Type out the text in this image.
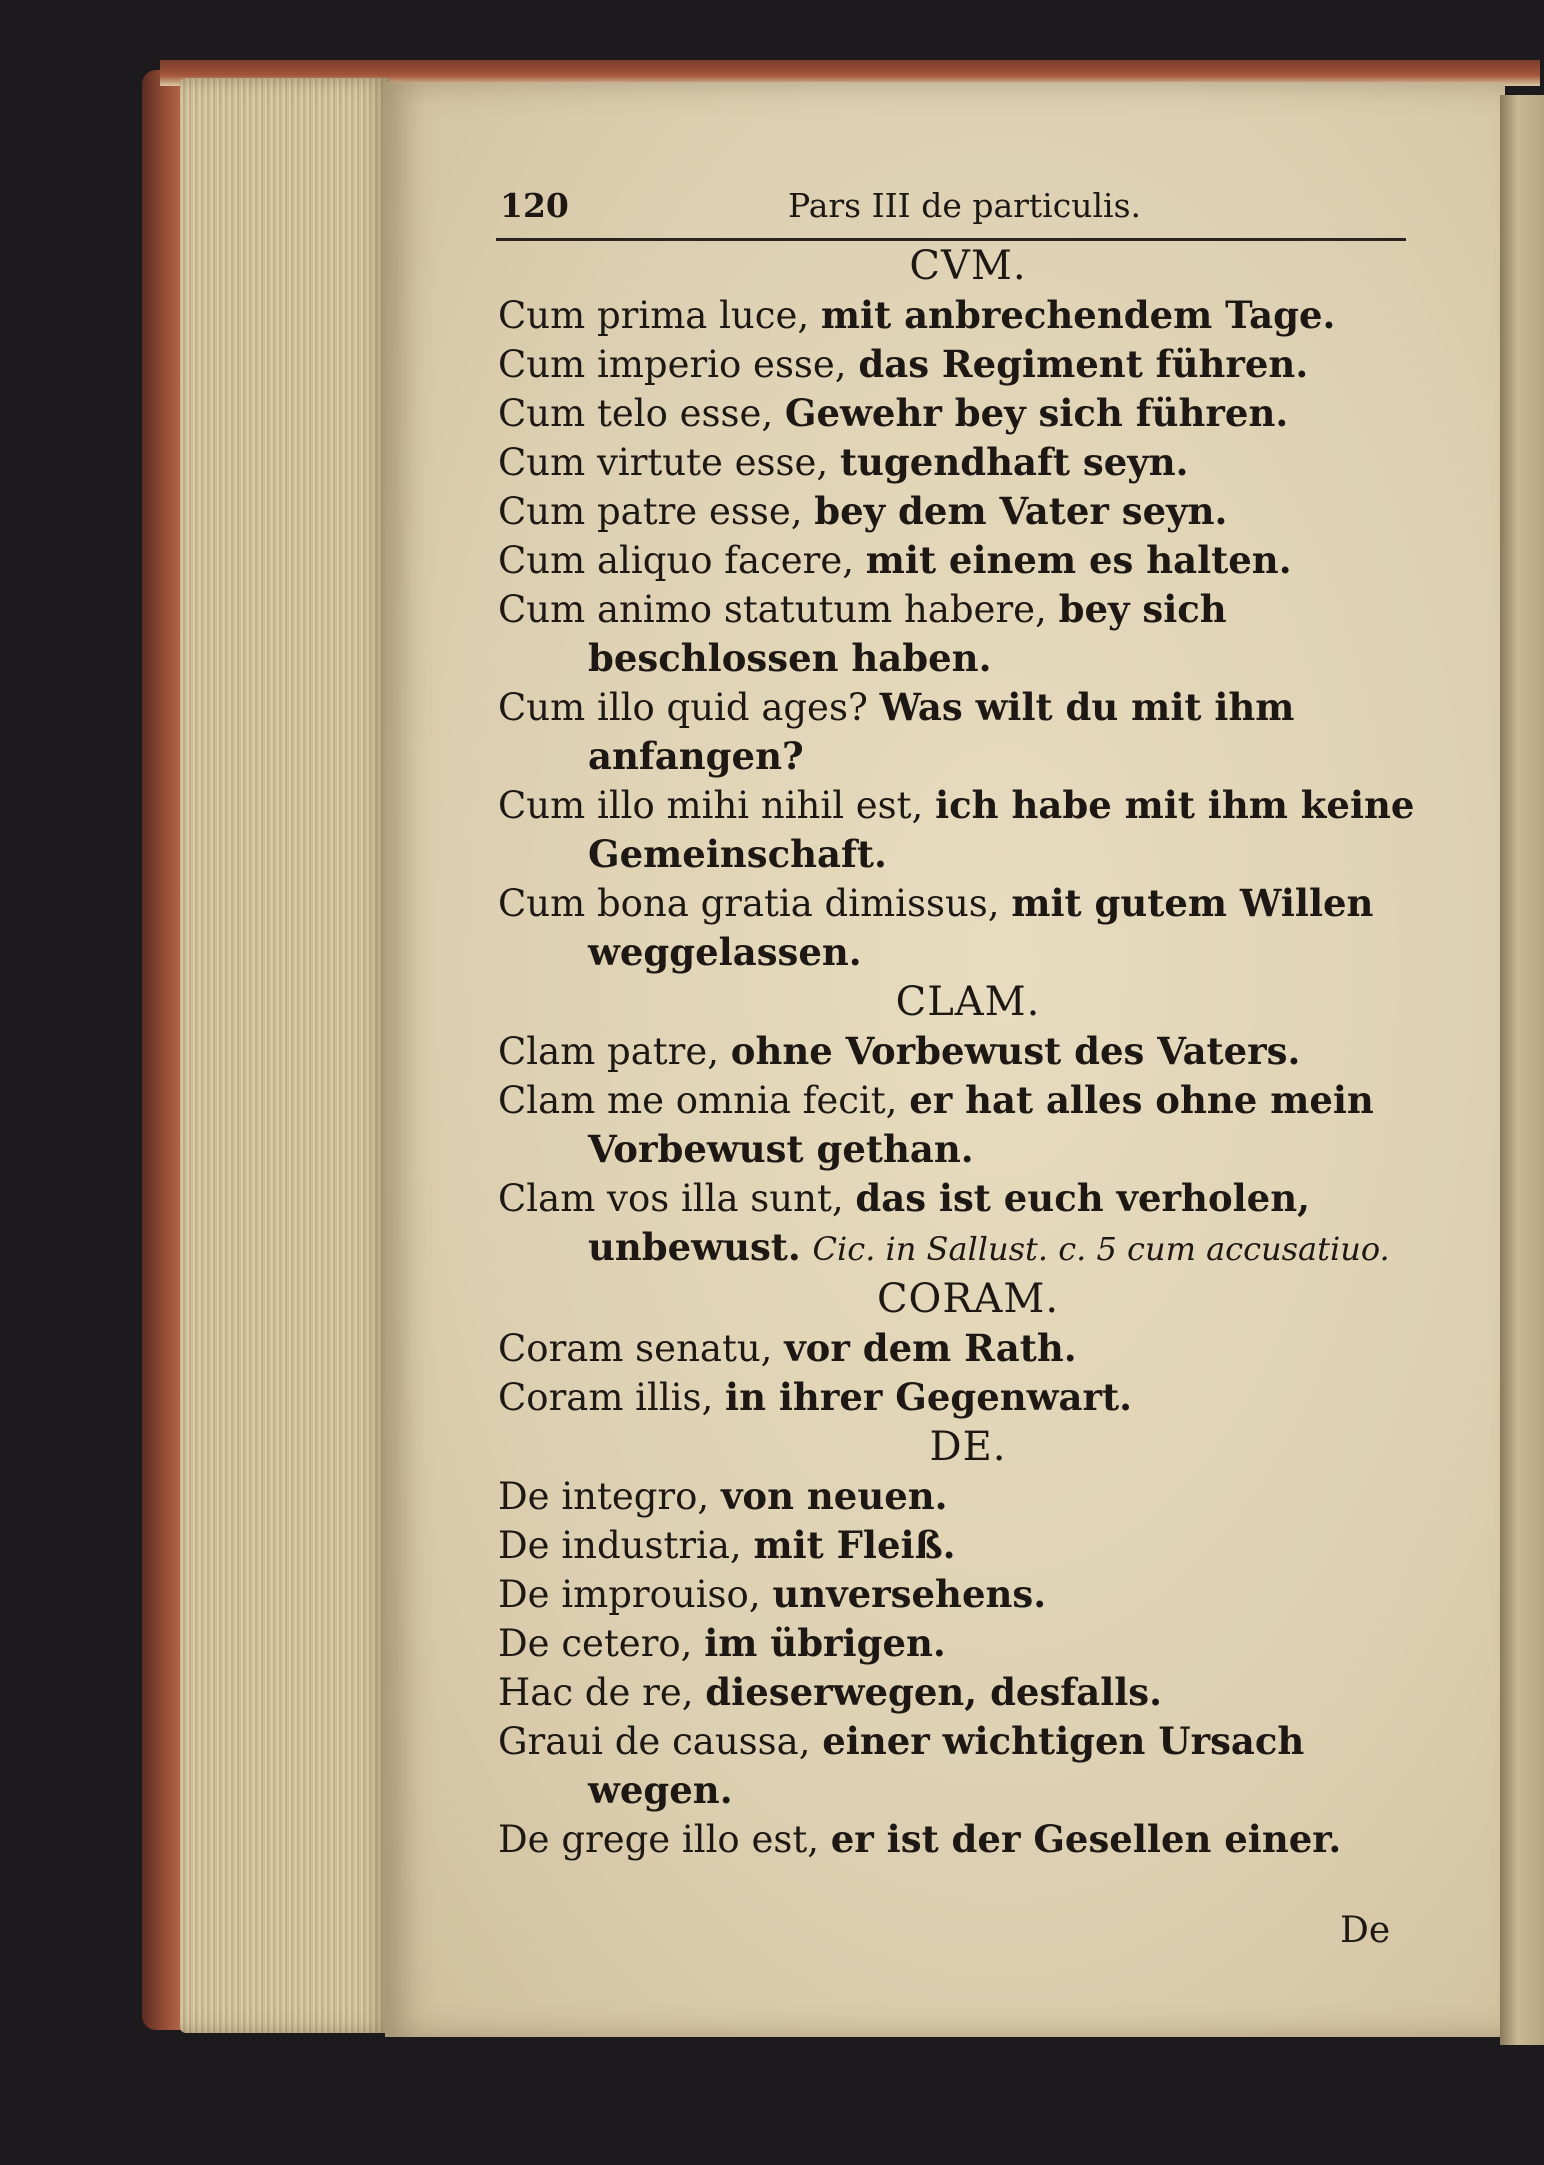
120	Pars III de particulis.
CVM.
Cum prima luce, mit anbrechendem Tage.
Cum imperio esse, das Regiment führen.
Cum telo esse, Gewehr bey sich führen.
Cum virtute esse, tugendhaft seyn.
Cum patre esse, bey dem Vater seyn.
Cum aliquo facere, mit einem es halten.
Cum animo statutum habere, bey sich beschlossen haben.
Cum illo quid ages? Was wilt du mit ihm anfangen?
Cum illo mihi nihil est, ich habe mit ihm keine Gemeinschaft.
Cum bona gratia dimissus, mit gutem Willen weggelassen.
CLAM.
Clam patre, ohne Vorbewust des Vaters.
Clam me omnia fecit, er hat alles ohne mein Vorbewust gethan.
Clam vos illa sunt, das ist euch verholen, unbewust. Cic. in Sallust. c. 5 cum accusatiuo.
CORAM.
Coram senatu, vor dem Rath.
Coram illis, in ihrer Gegenwart.
DE.
De integro, von neuen.
De industria, mit Fleiß.
De improuiso, unversehens.
De cetero, im übrigen.
Hac de re, dieserwegen, desfalls.
Graui de caussa, einer wichtigen Ursach wegen.
De grege illo est, er ist der Gesellen einer.
De
